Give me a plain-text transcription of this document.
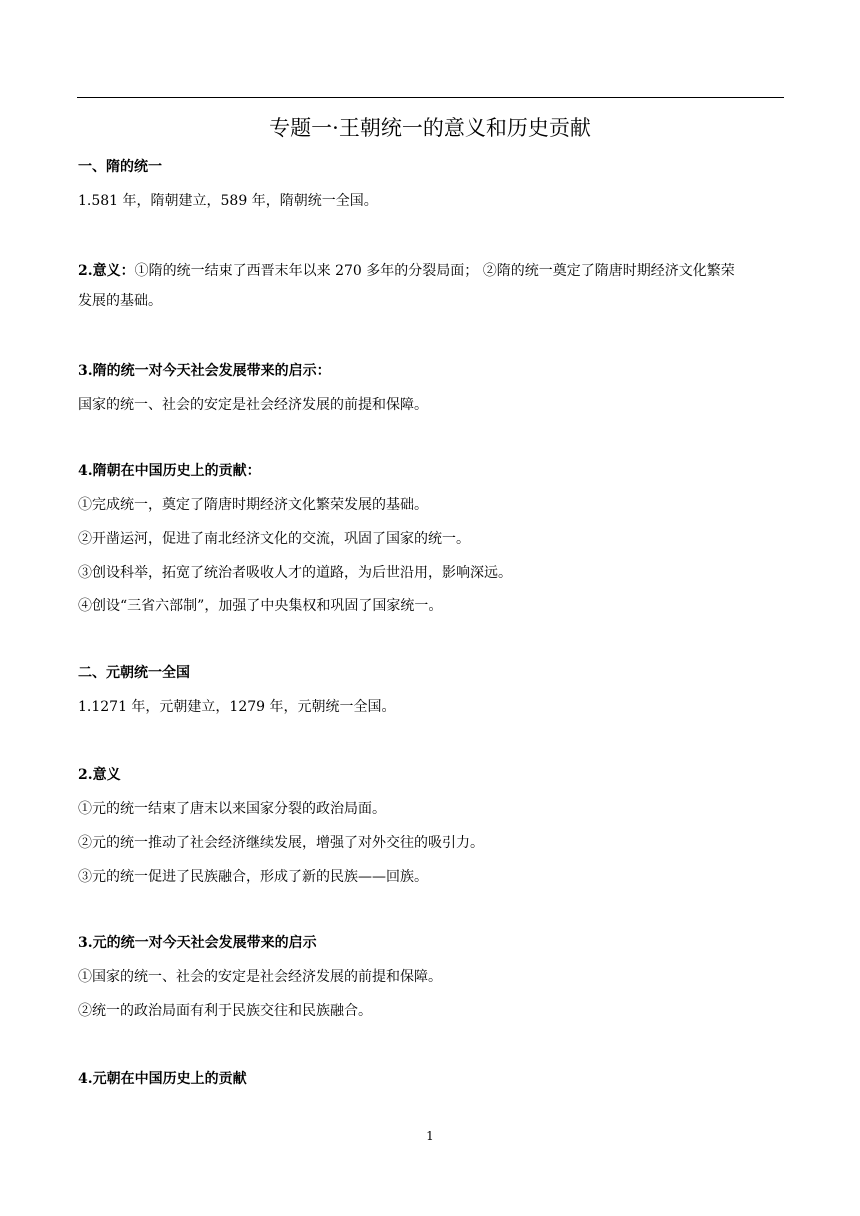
专题一·王朝统一的意义和历史贡献
一、隋的统一
1.581 年，隋朝建立，589 年，隋朝统一全国。
2.意义：①隋的统一结束了西晋末年以来 270 多年的分裂局面； ②隋的统一奠定了隋唐时期经济文化繁荣
发展的基础。
3.隋的统一对今天社会发展带来的启示：
国家的统一、社会的安定是社会经济发展的前提和保障。
4.隋朝在中国历史上的贡献：
①完成统一，奠定了隋唐时期经济文化繁荣发展的基础。
②开凿运河，促进了南北经济文化的交流，巩固了国家的统一。
③创设科举，拓宽了统治者吸收人才的道路，为后世沿用，影响深远。
④创设“三省六部制”，加强了中央集权和巩固了国家统一。
二、元朝统一全国
1.1271 年，元朝建立，1279 年，元朝统一全国。
2.意义
①元的统一结束了唐末以来国家分裂的政治局面。
②元的统一推动了社会经济继续发展，增强了对外交往的吸引力。
③元的统一促进了民族融合，形成了新的民族——回族。
3.元的统一对今天社会发展带来的启示
①国家的统一、社会的安定是社会经济发展的前提和保障。
②统一的政治局面有利于民族交往和民族融合。
4.元朝在中国历史上的贡献
1
